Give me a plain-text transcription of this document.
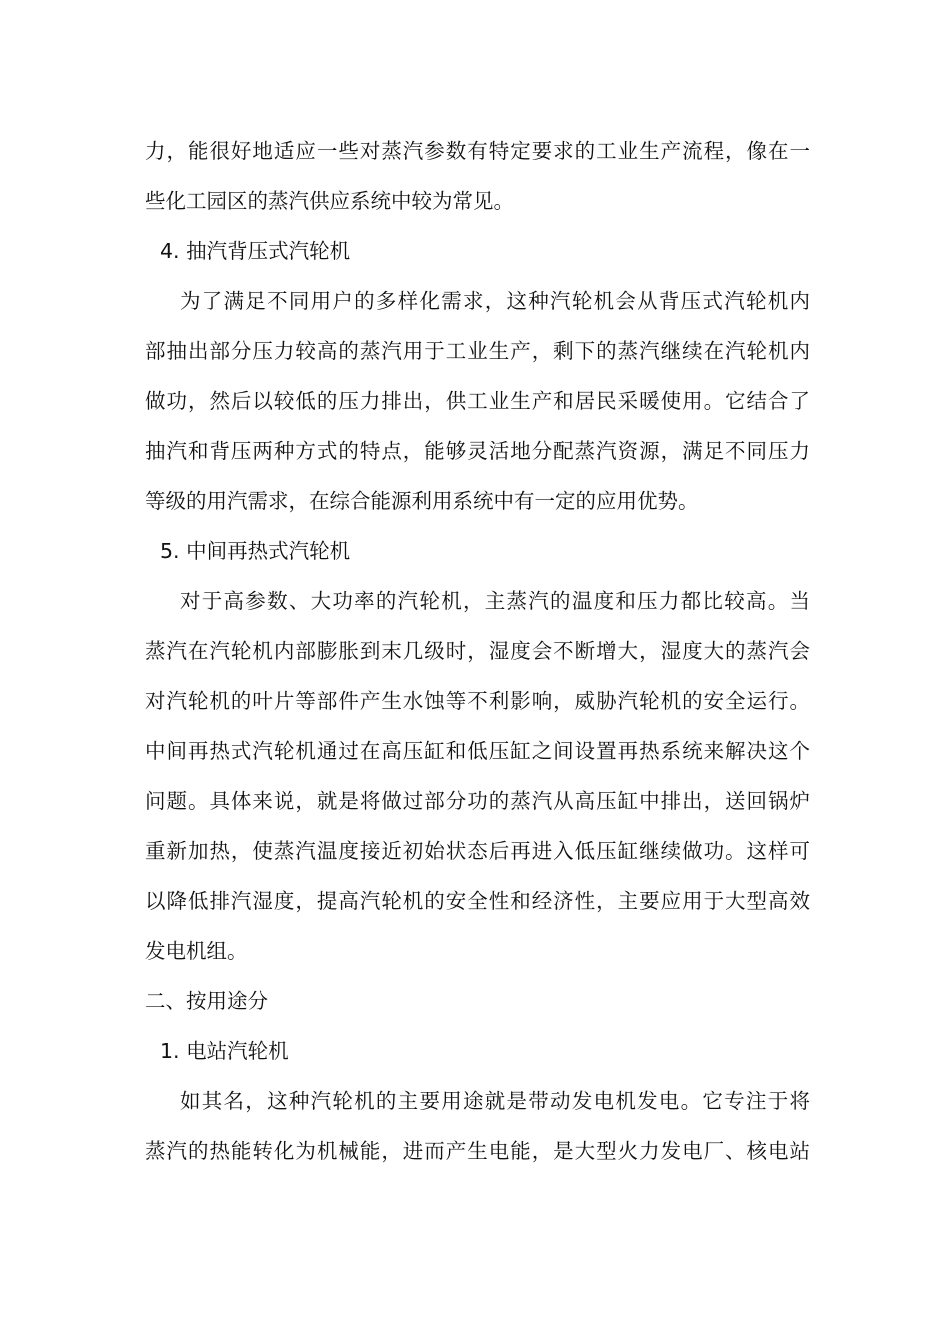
力，能很好地适应一些对蒸汽参数有特定要求的工业生产流程，像在一
些化工园区的蒸汽供应系统中较为常见。
4. 抽汽背压式汽轮机
为了满足不同用户的多样化需求，这种汽轮机会从背压式汽轮机内
部抽出部分压力较高的蒸汽用于工业生产，剩下的蒸汽继续在汽轮机内
做功，然后以较低的压力排出，供工业生产和居民采暖使用。它结合了
抽汽和背压两种方式的特点，能够灵活地分配蒸汽资源，满足不同压力
等级的用汽需求，在综合能源利用系统中有一定的应用优势。
5. 中间再热式汽轮机
对于高参数、大功率的汽轮机，主蒸汽的温度和压力都比较高。当
蒸汽在汽轮机内部膨胀到末几级时，湿度会不断增大，湿度大的蒸汽会
对汽轮机的叶片等部件产生水蚀等不利影响，威胁汽轮机的安全运行。
中间再热式汽轮机通过在高压缸和低压缸之间设置再热系统来解决这个
问题。具体来说，就是将做过部分功的蒸汽从高压缸中排出，送回锅炉
重新加热，使蒸汽温度接近初始状态后再进入低压缸继续做功。这样可
以降低排汽湿度，提高汽轮机的安全性和经济性，主要应用于大型高效
发电机组。
二、按用途分
1. 电站汽轮机
如其名，这种汽轮机的主要用途就是带动发电机发电。它专注于将
蒸汽的热能转化为机械能，进而产生电能，是大型火力发电厂、核电站
